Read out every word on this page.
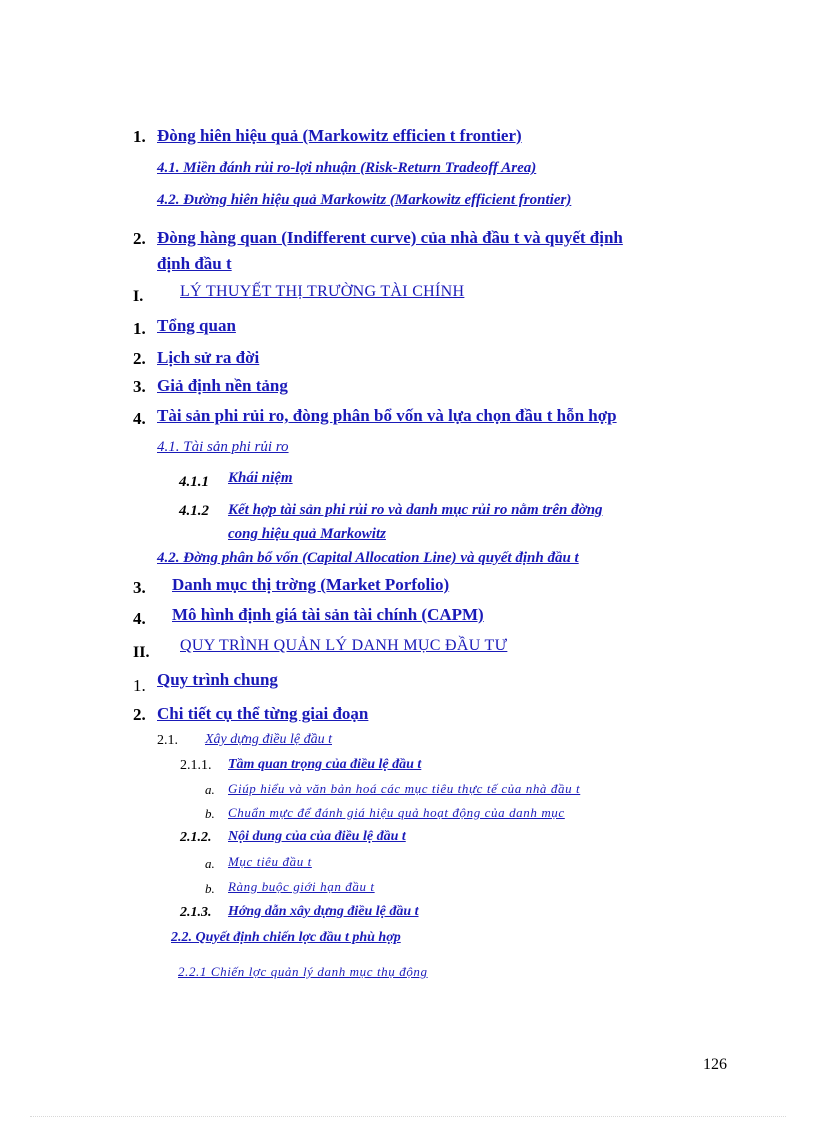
1. Đòng hiên hiệu quả (Markowitz efficien t frontier)
4.1. Miền đánh rủi ro-lợi nhuận (Risk-Return Tradeoff Area)
4.2. Đường hiên hiệu quả Markowitz (Markowitz efficient frontier)
2. Đòng hàng quan (Indifferent curve) của nhà đầu t và quyết định
định đầu t
I. LÝ THUYẾT THỊ TRƯỜNG TÀI CHÍNH
1. Tổng quan
2. Lịch sử ra đời
3. Giả định nền tảng
4. Tài sản phi rủi ro, đòng phân bổ vốn và lựa chọn đầu t hỗn hợp
4.1. Tài sản phi rủi ro
4.1.1 Khái niệm
4.1.2 Kết hợp tài sản phi rủi ro và danh mục rủi ro nằm trên đờng
cong hiệu quả Markowitz
4.2. Đờng phân bổ vốn (Capital Allocation Line) và quyết định đầu t
3. Danh mục thị trờng (Market Porfolio)
4. Mô hình định giá tài sản tài chính (CAPM)
II. QUY TRÌNH QUẢN LÝ DANH MỤC ĐẦU TƯ
1. Quy trình chung
2. Chi tiết cụ thể từng giai đoạn
2.1. Xây dựng điều lệ đầu t
2.1.1. Tầm quan trọng của điều lệ đầu t
a. Giúp hiểu và văn bản hoá các mục tiêu thực tế của nhà đầu t
b. Chuẩn mực để đánh giá hiệu quả hoạt động của danh mục
2.1.2. Nội dung của của điều lệ đầu t
a. Mục tiêu đầu t
b. Ràng buộc giới hạn đầu t
2.1.3. Hớng dẫn xây dựng điều lệ đầu t
2.2. Quyết định chiến lợc đầu t phù hợp
2.2.1 Chiến lợc quản lý danh mục thụ động
126
